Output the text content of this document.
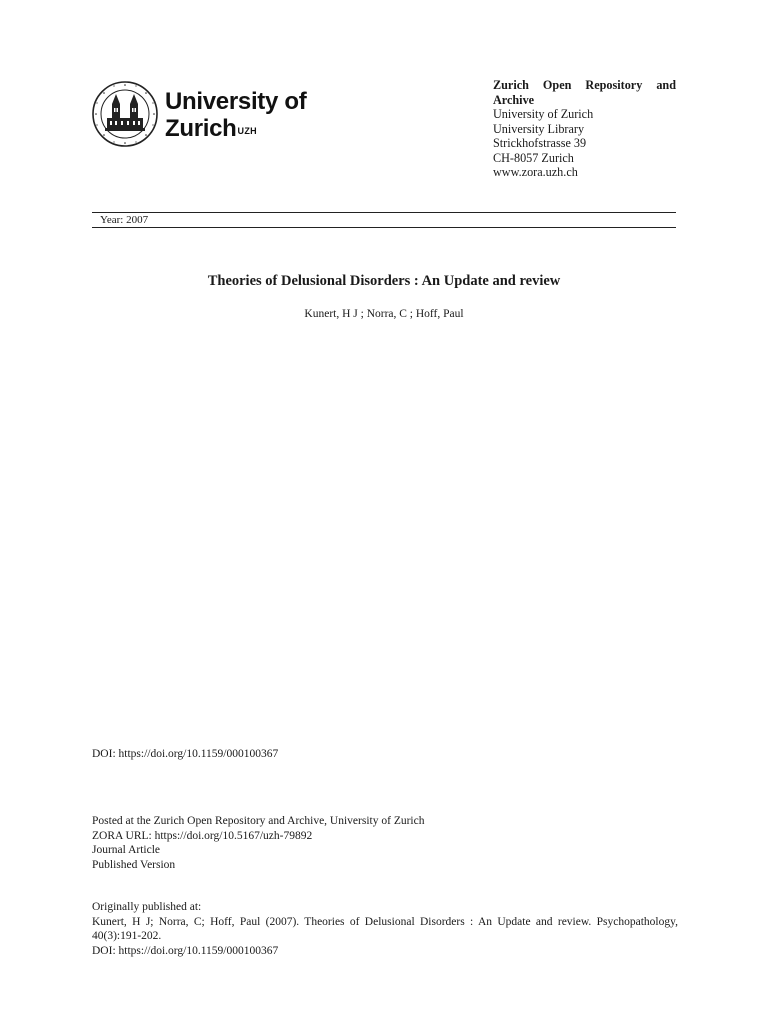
University of
Zurich$^{UZH}$
Zurich Open Repository and Archive
University of Zurich
University Library
Strickhofstrasse 39
CH-8057 Zurich
www.zora.uzh.ch
Year: 2007
Theories of Delusional Disorders : An Update and review
Kunert, H J ; Norra, C ; Hoff, Paul
DOI: https://doi.org/10.1159/000100367
Posted at the Zurich Open Repository and Archive, University of Zurich
ZORA URL: https://doi.org/10.5167/uzh-79892
Journal Article
Published Version
Originally published at:
Kunert, H J; Norra, C; Hoff, Paul (2007). Theories of Delusional Disorders : An Update and review. Psychopathology, 40(3):191-202.
DOI: https://doi.org/10.1159/000100367
